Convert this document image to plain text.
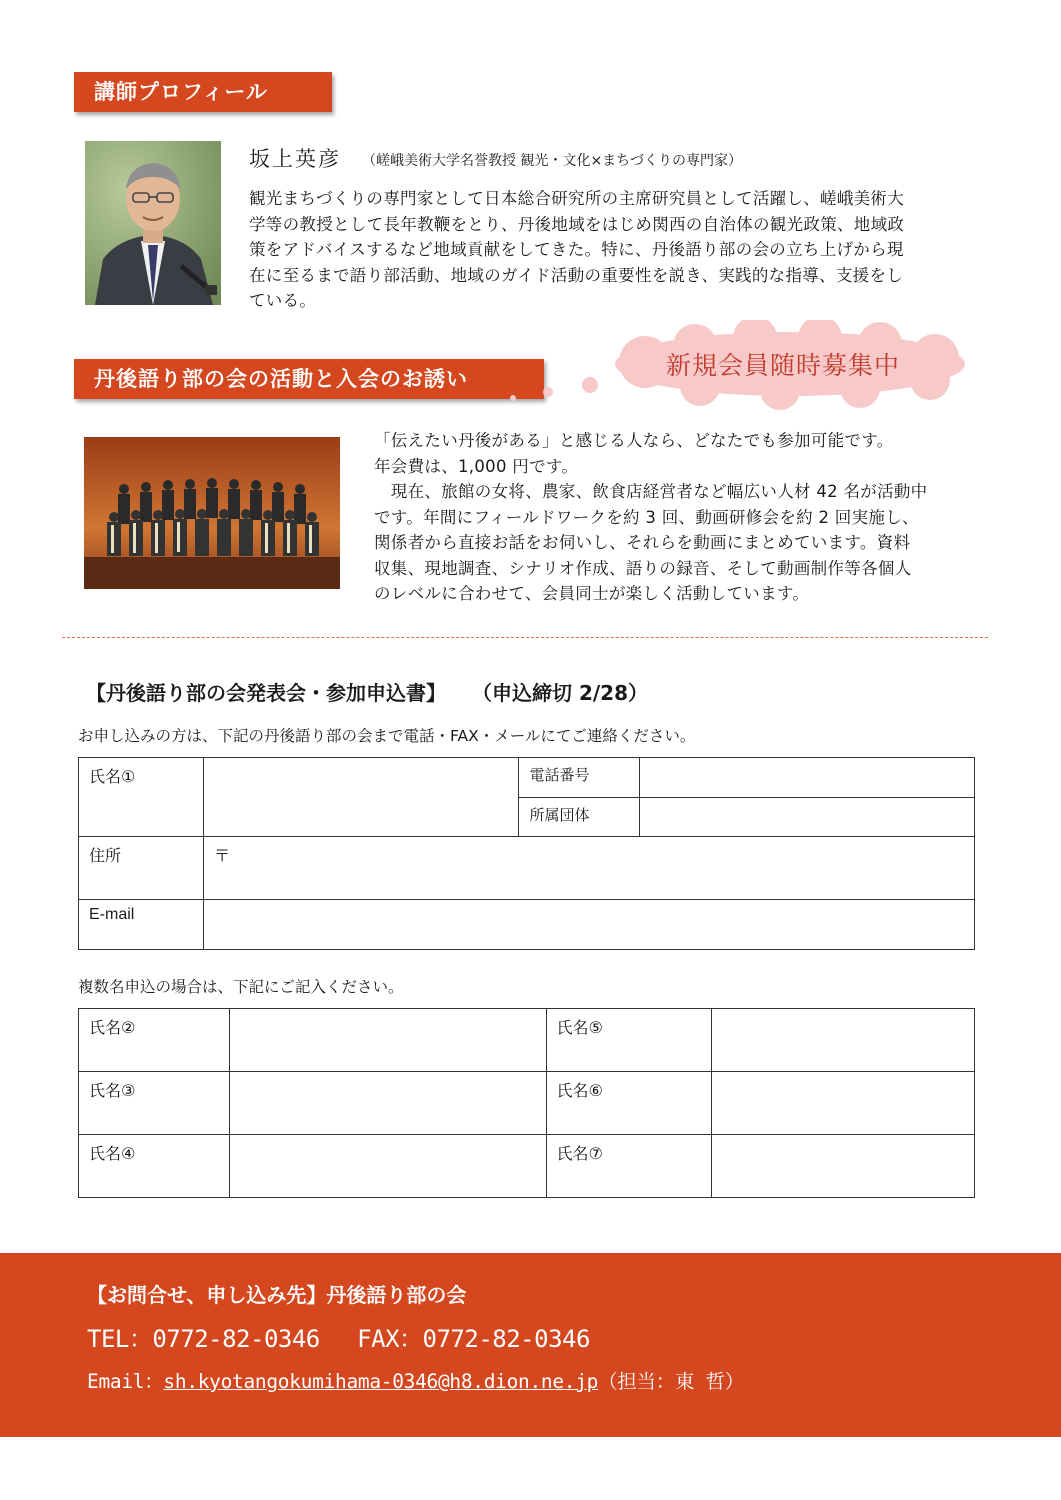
講師プロフィール
坂上英彦 （嵯峨美術大学名誉教授 観光・文化×まちづくりの専門家）
観光まちづくりの専門家として日本総合研究所の主席研究員として活躍し、嵯峨美術大
学等の教授として長年教鞭をとり、丹後地域をはじめ関西の自治体の観光政策、地域政
策をアドバイスするなど地域貢献をしてきた。特に、丹後語り部の会の立ち上げから現
在に至るまで語り部活動、地域のガイド活動の重要性を説き、実践的な指導、支援をし
ている。
丹後語り部の会の活動と入会のお誘い	新規会員随時募集中
「伝えたい丹後がある」と感じる人なら、どなたでも参加可能です。
年会費は、1,000 円です。
　現在、旅館の女将、農家、飲食店経営者など幅広い人材 42 名が活動中
です。年間にフィールドワークを約 3 回、動画研修会を約 2 回実施し、
関係者から直接お話をお伺いし、それらを動画にまとめています。資料
収集、現地調査、シナリオ作成、語りの録音、そして動画制作等各個人
のレベルに合わせて、会員同士が楽しく活動しています。
【丹後語り部の会発表会・参加申込書】 （申込締切 2/28）
お申し込みの方は、下記の丹後語り部の会まで電話・FAX・メールにてご連絡ください。
氏名①		電話番号	
		所属団体	
住所	〒		
E-mail			
複数名申込の場合は、下記にご記入ください。
氏名②		氏名⑤	
氏名③		氏名⑥	
氏名④		氏名⑦	
【お問合せ、申し込み先】丹後語り部の会
TEL：0772-82-0346　 FAX：0772-82-0346
Email：sh.kyotangokumihama-0346@h8.dion.ne.jp（担当：東 哲）
